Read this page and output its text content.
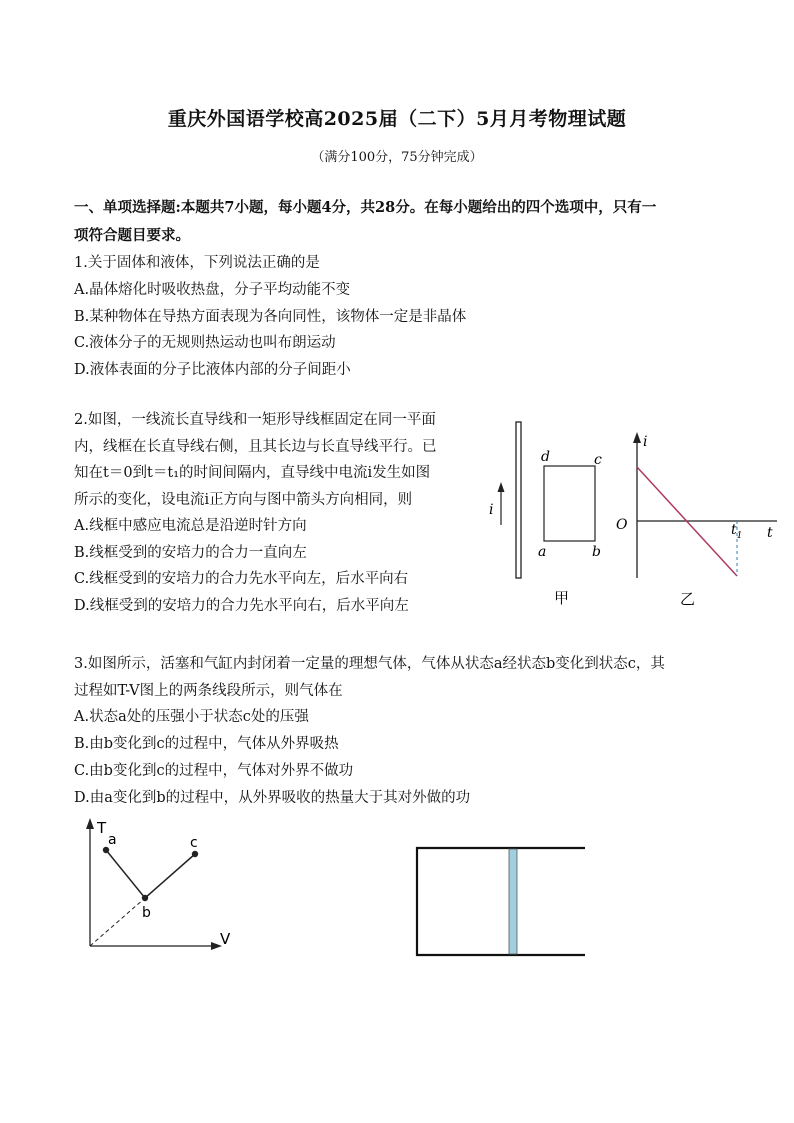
重庆外国语学校高2025届（二下）5月月考物理试题
（满分100分，75分钟完成）
一、单项选择题:本题共7小题，每小题4分，共28分。在每小题给出的四个选项中，只有一
项符合题目要求。
1.关于固体和液体，下列说法正确的是
A.晶体熔化时吸收热盘，分子平均动能不变
B.某种物体在导热方面表现为各向同性，该物体一定是非晶体
C.液体分子的无规则热运动也叫布朗运动
D.液体表面的分子比液体内部的分子间距小
2.如图，一线流长直导线和一矩形导线框固定在同一平面
内，线框在长直导线右侧，且其长边与长直导线平行。已
知在t＝0到t＝t₁的时间间隔内，直导线中电流i发生如图
所示的变化，设电流i正方向与图中箭头方向相同，则
A.线框中感应电流总是沿逆时针方向
B.线框受到的安培力的合力一直向左
C.线框受到的安培力的合力先水平向左，后水平向右
D.线框受到的安培力的合力先水平向右，后水平向左
i
d	c
a	b
甲
i
t
O	$t_1$
乙
3.如图所示，活塞和气缸内封闭着一定量的理想气体，气体从状态a经状态b变化到状态c，其
过程如T-V图上的两条线段所示，则气体在
A.状态a处的压强小于状态c处的压强
B.由b变化到c的过程中，气体从外界吸热
C.由b变化到c的过程中，气体对外界不做功
D.由a变化到b的过程中，从外界吸收的热量大于其对外做的功
T
V
a
b
c
